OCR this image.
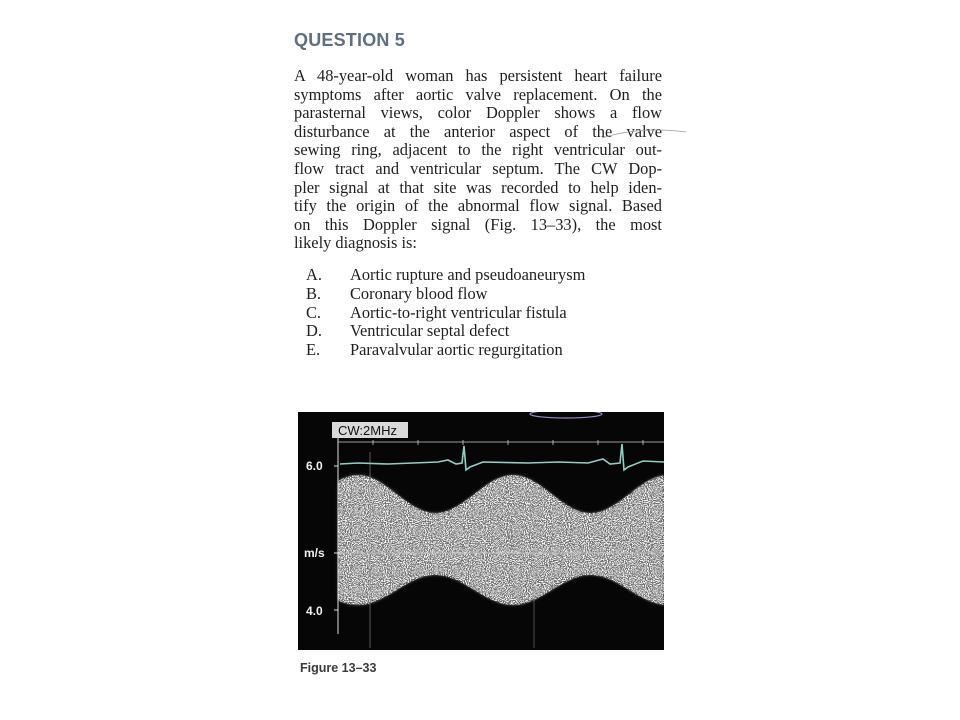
QUESTION 5
A 48-year-old woman has persistent heart failure
symptoms after aortic valve replacement. On the
parasternal views, color Doppler shows a flow
disturbance at the anterior aspect of the valve
sewing ring, adjacent to the right ventricular out-
flow tract and ventricular septum. The CW Dop-
pler signal at that site was recorded to help iden-
tify the origin of the abnormal flow signal. Based
on this Doppler signal (Fig. 13–33), the most
likely diagnosis is:
A.	Aortic rupture and pseudoaneurysm
B.	Coronary blood flow
C.	Aortic-to-right ventricular fistula
D.	Ventricular septal defect
E.	Paravalvular aortic regurgitation
CW:2MHz
6.0
m/s
4.0
Figure 13–33
